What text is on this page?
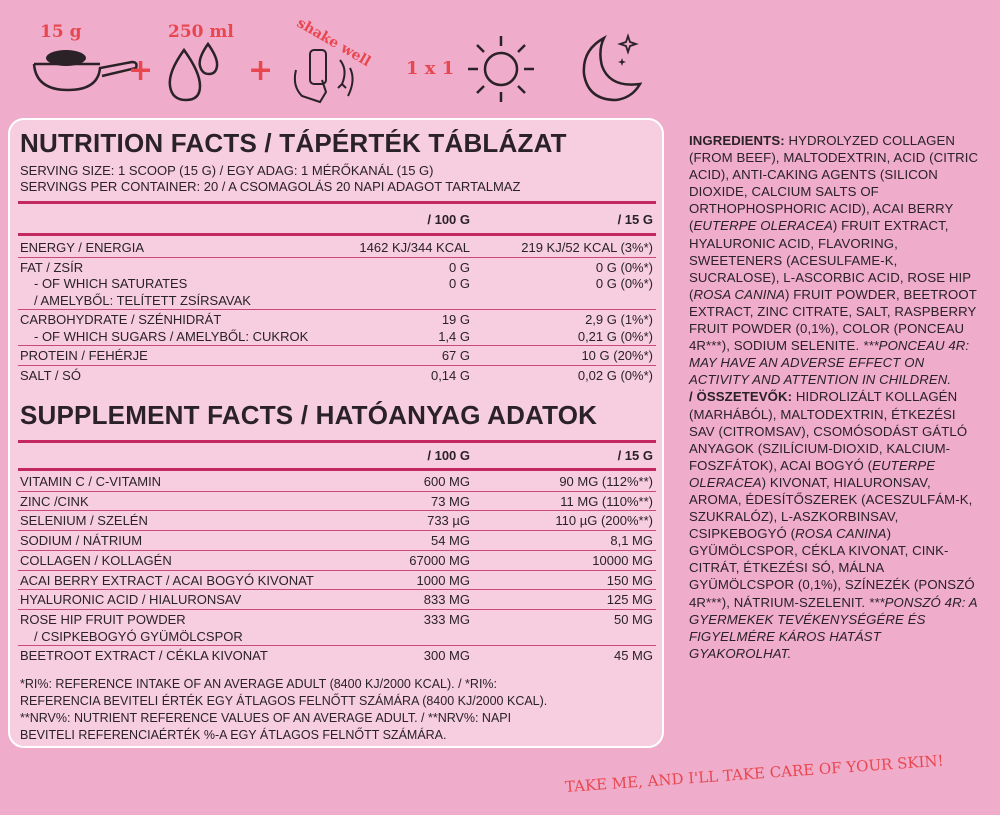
15 g
+
250 ml
+
shake well 1 x 1
NUTRITION FACTS / TÁPÉRTÉK TÁBLÁZAT
SERVING SIZE: 1 SCOOP (15 G) / EGY ADAG: 1 MÉRŐKANÁL (15 G)
SERVINGS PER CONTAINER: 20 / A CSOMAGOLÁS 20 NAPI ADAGOT TARTALMAZ
/ 100 G	/ 15 G
ENERGY / ENERGIA	1462 KJ/344 KCAL	219 KJ/52 KCAL (3%*)
FAT / ZSÍR	0 G	0 G (0%*)
- OF WHICH SATURATES	0 G	0 G (0%*)
/ AMELYBŐL: TELÍTETT ZSÍRSAVAK
CARBOHYDRATE / SZÉNHIDRÁT	19 G	2,9 G (1%*)
- OF WHICH SUGARS / AMELYBŐL: CUKROK	1,4 G	0,21 G (0%*)
PROTEIN / FEHÉRJE	67 G	10 G (20%*)
SALT / SÓ	0,14 G	0,02 G (0%*)
SUPPLEMENT FACTS / HATÓANYAG ADATOK
/ 100 G	/ 15 G
VITAMIN C / C-VITAMIN	600 MG	90 MG (112%**)
ZINC /CINK	73 MG	11 MG (110%**)
SELENIUM / SZELÉN	733 µG	110 µG (200%**)
SODIUM / NÁTRIUM	54 MG	8,1 MG
COLLAGEN / KOLLAGÉN	67000 MG	10000 MG
ACAI BERRY EXTRACT / ACAI BOGYÓ KIVONAT	1000 MG	150 MG
HYALURONIC ACID / HIALURONSAV	833 MG	125 MG
ROSE HIP FRUIT POWDER	333 MG	50 MG
/ CSIPKEBOGYÓ GYÜMÖLCSPOR
BEETROOT EXTRACT / CÉKLA KIVONAT	300 MG	45 MG
*RI%: REFERENCE INTAKE OF AN AVERAGE ADULT (8400 KJ/2000 KCAL). / *RI%:
REFERENCIA BEVITELI ÉRTÉK EGY ÁTLAGOS FELNŐTT SZÁMÁRA (8400 KJ/2000 KCAL).
**NRV%: NUTRIENT REFERENCE VALUES OF AN AVERAGE ADULT. / **NRV%: NAPI
BEVITELI REFERENCIAÉRTÉK %-A EGY ÁTLAGOS FELNŐTT SZÁMÁRA.
INGREDIENTS: HYDROLYZED COLLAGEN (FROM BEEF), MALTODEXTRIN, ACID (CITRIC ACID), ANTI-CAKING AGENTS (SILICON DIOXIDE, CALCIUM SALTS OF ORTHOPHOSPHORIC ACID), ACAI BERRY (EUTERPE OLERACEA) FRUIT EXTRACT, HYALURONIC ACID, FLAVORING, SWEETENERS (ACESULFAME-K, SUCRALOSE), L-ASCORBIC ACID, ROSE HIP (ROSA CANINA) FRUIT POWDER, BEETROOT EXTRACT, ZINC CITRATE, SALT, RASPBERRY FRUIT POWDER (0,1%), COLOR (PONCEAU 4R***), SODIUM SELENITE. ***PONCEAU 4R: MAY HAVE AN ADVERSE EFFECT ON ACTIVITY AND ATTENTION IN CHILDREN.
/ ÖSSZETEVŐK: HIDROLIZÁLT KOLLAGÉN (MARHÁBÓL), MALTODEXTRIN, ÉTKEZÉSI SAV (CITROMSAV), CSOMÓSODÁST GÁTLÓ ANYAGOK (SZILÍCIUM-DIOXID, KALCIUM-FOSZFÁTOK), ACAI BOGYÓ (EUTERPE OLERACEA) KIVONAT, HIALURONSAV, AROMA, ÉDESÍTŐSZEREK (ACESZULFÁM-K, SZUKRALÓZ), L-ASZKORBINSAV, CSIPKEBOGYÓ (ROSA CANINA) GYÜMÖLCSPOR, CÉKLA KIVONAT, CINK-CITRÁT, ÉTKEZÉSI SÓ, MÁLNA GYÜMÖLCSPOR (0,1%), SZÍNEZÉK (PONSZÓ 4R***), NÁTRIUM-SZELENIT. ***PONSZÓ 4R: A GYERMEKEK TEVÉKENYSÉGÉRE ÉS FIGYELMÉRE KÁROS HATÁST GYAKOROLHAT.
TAKE ME, AND I'LL TAKE CARE OF YOUR SKIN!
